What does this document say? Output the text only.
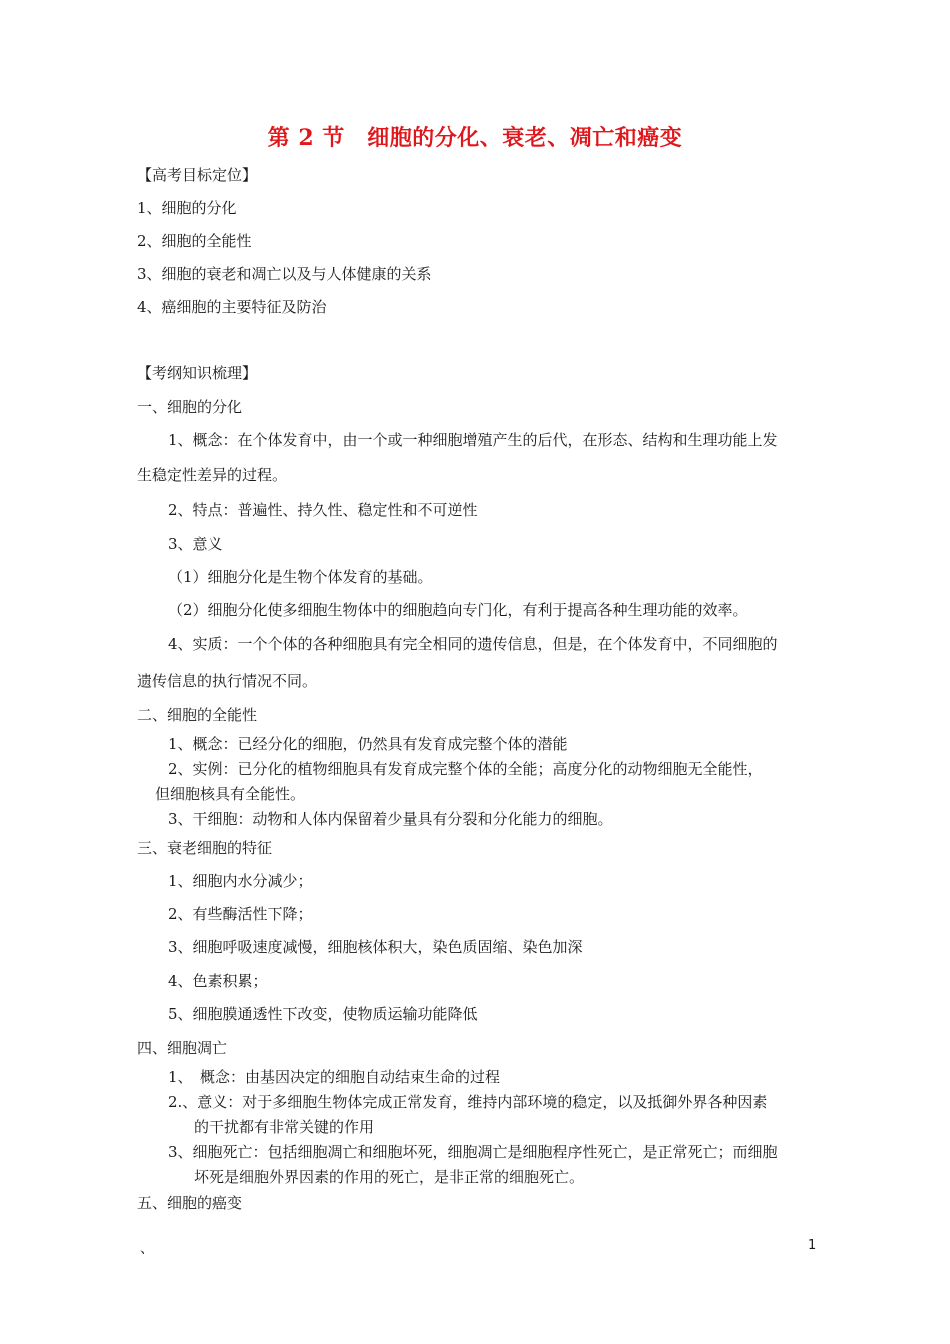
第 2 节　细胞的分化、衰老、凋亡和癌变
【高考目标定位】
1、细胞的分化
2、细胞的全能性
3、细胞的衰老和凋亡以及与人体健康的关系
4、癌细胞的主要特征及防治
【考纲知识梳理】
一、细胞的分化
1、概念：在个体发育中，由一个或一种细胞增殖产生的后代，在形态、结构和生理功能上发
生稳定性差异的过程。
2、特点：普遍性、持久性、稳定性和不可逆性
3、意义
（1）细胞分化是生物个体发育的基础。
（2）细胞分化使多细胞生物体中的细胞趋向专门化，有利于提高各种生理功能的效率。
4、实质：一个个体的各种细胞具有完全相同的遗传信息，但是，在个体发育中，不同细胞的
遗传信息的执行情况不同。
二、细胞的全能性
1、概念：已经分化的细胞，仍然具有发育成完整个体的潜能
2、实例：已分化的植物细胞具有发育成完整个体的全能；高度分化的动物细胞无全能性，
但细胞核具有全能性。
3、干细胞：动物和人体内保留着少量具有分裂和分化能力的细胞。
三、衰老细胞的特征
1、细胞内水分减少；
2、有些酶活性下降；
3、细胞呼吸速度减慢，细胞核体积大，染色质固缩、染色加深
4、色素积累；
5、细胞膜通透性下改变，使物质运输功能降低
四、细胞凋亡
1、　概念：由基因决定的细胞自动结束生命的过程
2.、意义：对于多细胞生物体完成正常发育，维持内部环境的稳定，以及抵御外界各种因素
的干扰都有非常关键的作用
3、细胞死亡：包括细胞凋亡和细胞坏死，细胞凋亡是细胞程序性死亡，是正常死亡；而细胞
坏死是细胞外界因素的作用的死亡，是非正常的细胞死亡。
五、细胞的癌变
、	1
